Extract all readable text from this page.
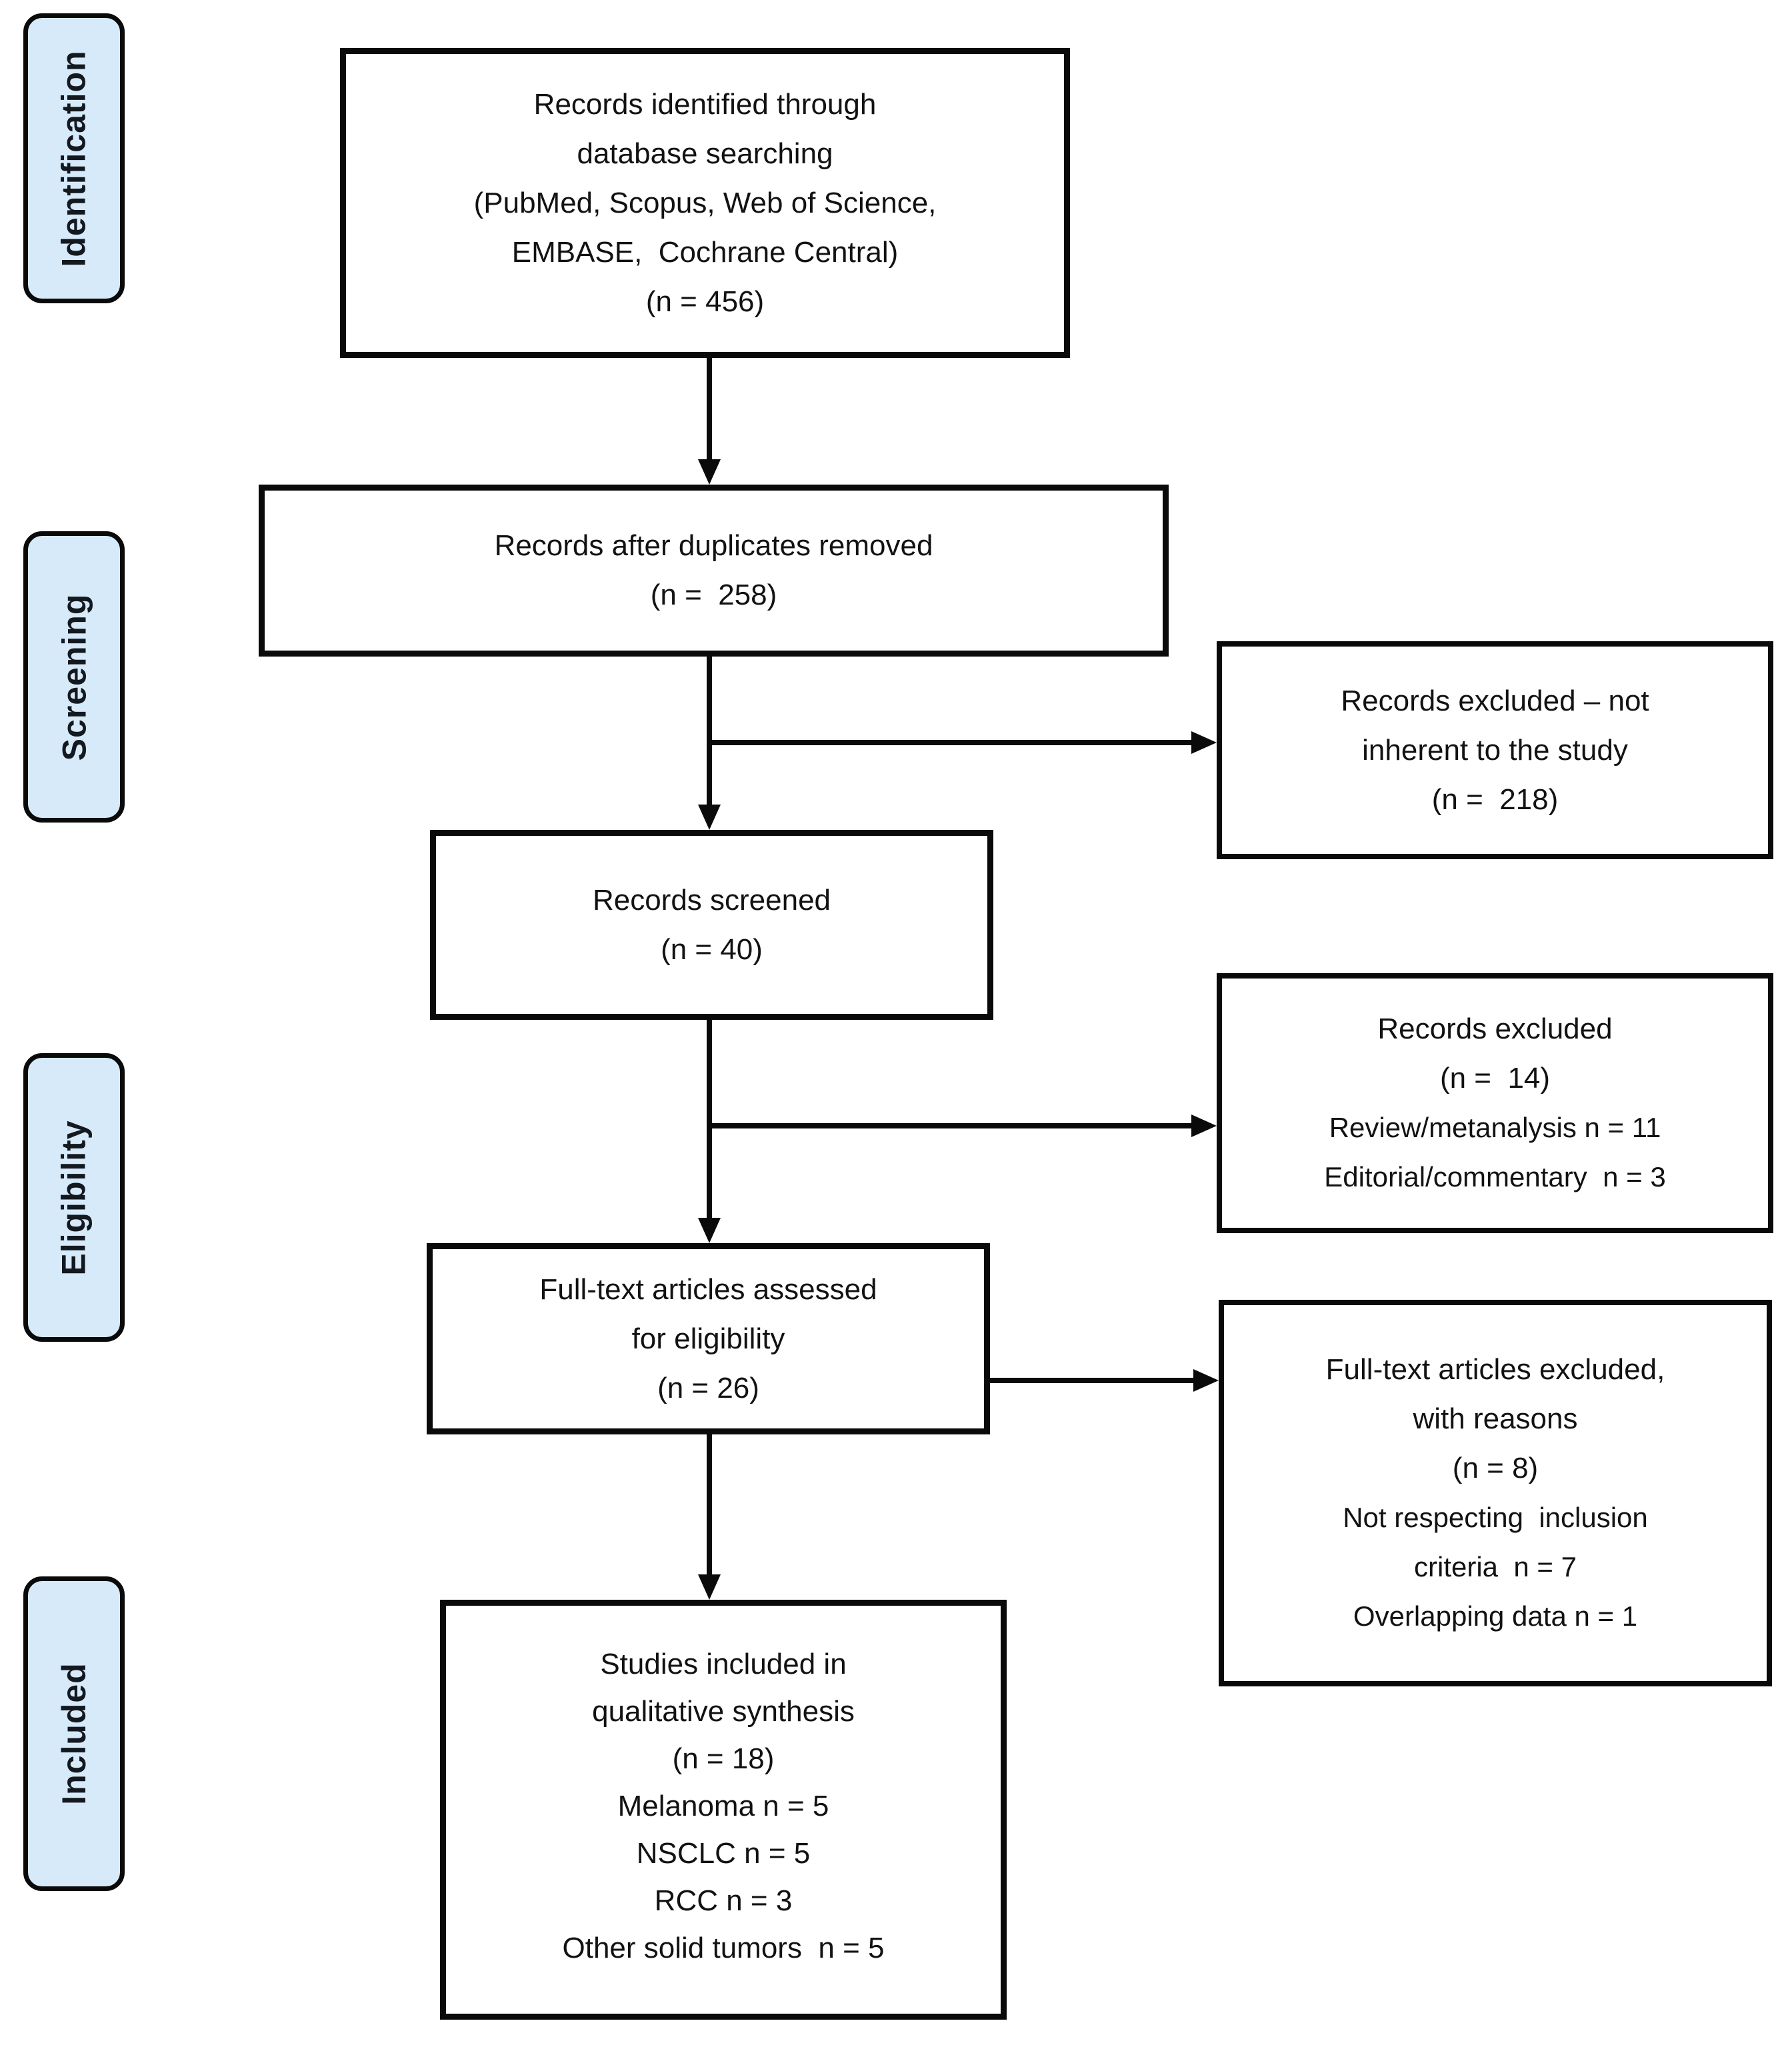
Identification
Screening
Eligibility
Included
Records identified through
database searching
(PubMed, Scopus, Web of Science,
EMBASE,  Cochrane Central)
(n = 456)
Records after duplicates removed
(n =  258)
Records screened
(n = 40)
Full-text articles assessed
for eligibility
(n = 26)
Studies included in
qualitative synthesis
(n = 18)
Melanoma n = 5
NSCLC n = 5
RCC n = 3
Other solid tumors  n = 5
Records excluded – not
inherent to the study
(n =  218)
Records excluded
(n =  14)
Review/metanalysis n = 11
Editorial/commentary  n = 3
Full-text articles excluded,
with reasons
(n = 8)
Not respecting  inclusion
criteria  n = 7
Overlapping data n = 1
